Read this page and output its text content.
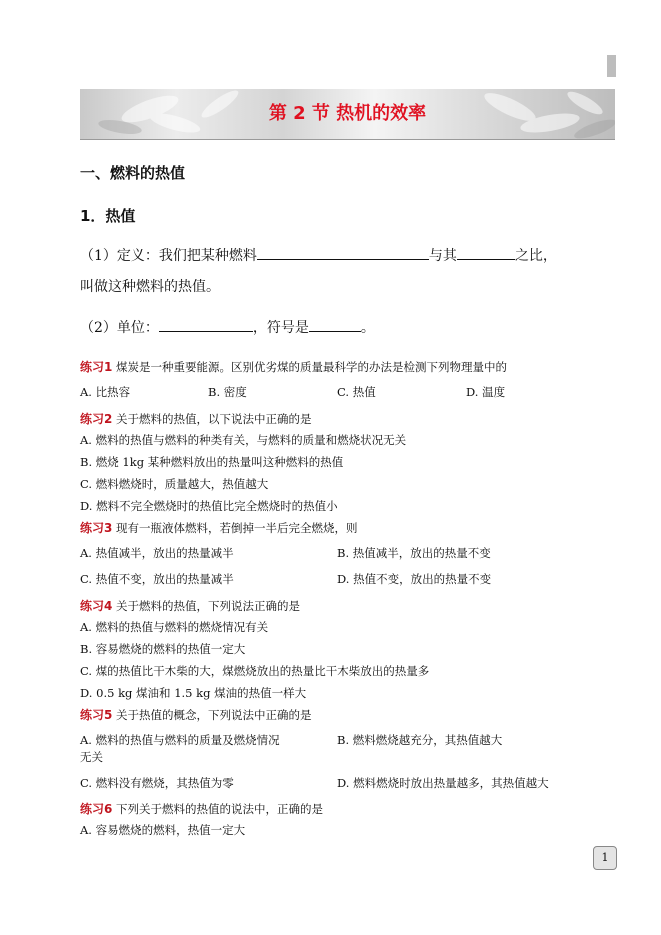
第 2 节 热机的效率
一、燃料的热值
1．热值
（1）定义：我们把某种燃料	与其	之比，
叫做这种燃料的热值。
（2）单位：	，符号是	。
练习1 煤炭是一种重要能源。区别优劣煤的质量最科学的办法是检测下列物理量中的
A. 比热容	B. 密度	C. 热值	D. 温度
练习2 关于燃料的热值，以下说法中正确的是
A. 燃料的热值与燃料的种类有关，与燃料的质量和燃烧状况无关
B. 燃烧 1kg 某种燃料放出的热量叫这种燃料的热值
C. 燃料燃烧时，质量越大，热值越大
D. 燃料不完全燃烧时的热值比完全燃烧时的热值小
练习3 现有一瓶液体燃料，若倒掉一半后完全燃烧，则
A. 热值减半，放出的热量减半	B. 热值减半，放出的热量不变
C. 热值不变，放出的热量减半	D. 热值不变，放出的热量不变
练习4 关于燃料的热值，下列说法正确的是
A. 燃料的热值与燃料的燃烧情况有关
B. 容易燃烧的燃料的热值一定大
C. 煤的热值比干木柴的大，煤燃烧放出的热量比干木柴放出的热量多
D. 0.5 kg 煤油和 1.5 kg 煤油的热值一样大
练习5 关于热值的概念，下列说法中正确的是
A. 燃料的热值与燃料的质量及燃烧情况
无关
B. 燃料燃烧越充分，其热值越大
C. 燃料没有燃烧，其热值为零	D. 燃料燃烧时放出热量越多，其热值越大
练习6 下列关于燃料的热值的说法中，正确的是
A. 容易燃烧的燃料，热值一定大
1
